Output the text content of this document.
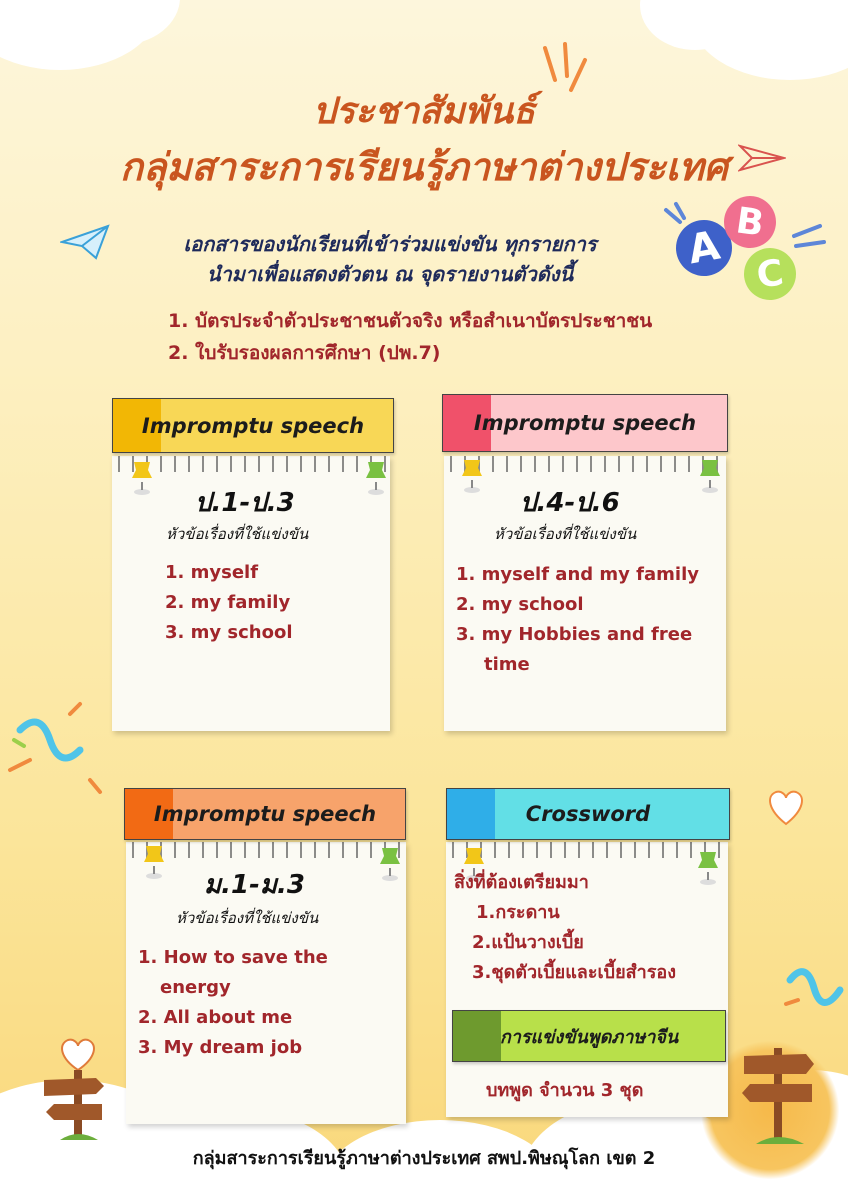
ประชาสัมพันธ์
กลุ่มสาระการเรียนรู้ภาษาต่างประเทศ
เอกสารของนักเรียนที่เข้าร่วมแข่งขัน ทุกรายการ
นำมาเพื่อแสดงตัวตน ณ จุดรายงานตัวดังนี้
A
B
C
1. บัตรประจำตัวประชาชนตัวจริง หรือสำเนาบัตรประชาชน
2. ใบรับรองผลการศึกษา (ปพ.7)
Impromptu speech
ป.1-ป.3
หัวข้อเรื่องที่ใช้แข่งขัน
1. myself
2. my family
3. my school
Impromptu speech
ป.4-ป.6
หัวข้อเรื่องที่ใช้แข่งขัน
1. myself and my family
2. my school
3. my Hobbies and free
time
Impromptu speech
ม.1-ม.3
หัวข้อเรื่องที่ใช้แข่งขัน
1. How to save the
energy
2. All about me
3. My dream job
Crossword
สิ่งที่ต้องเตรียมมา
1.กระดาน
2.แป้นวางเบี้ย
3.ชุดตัวเบี้ยและเบี้ยสำรอง
การแข่งขันพูดภาษาจีน
บทพูด จำนวน 3 ชุด
กลุ่มสาระการเรียนรู้ภาษาต่างประเทศ สพป.พิษณุโลก เขต 2
